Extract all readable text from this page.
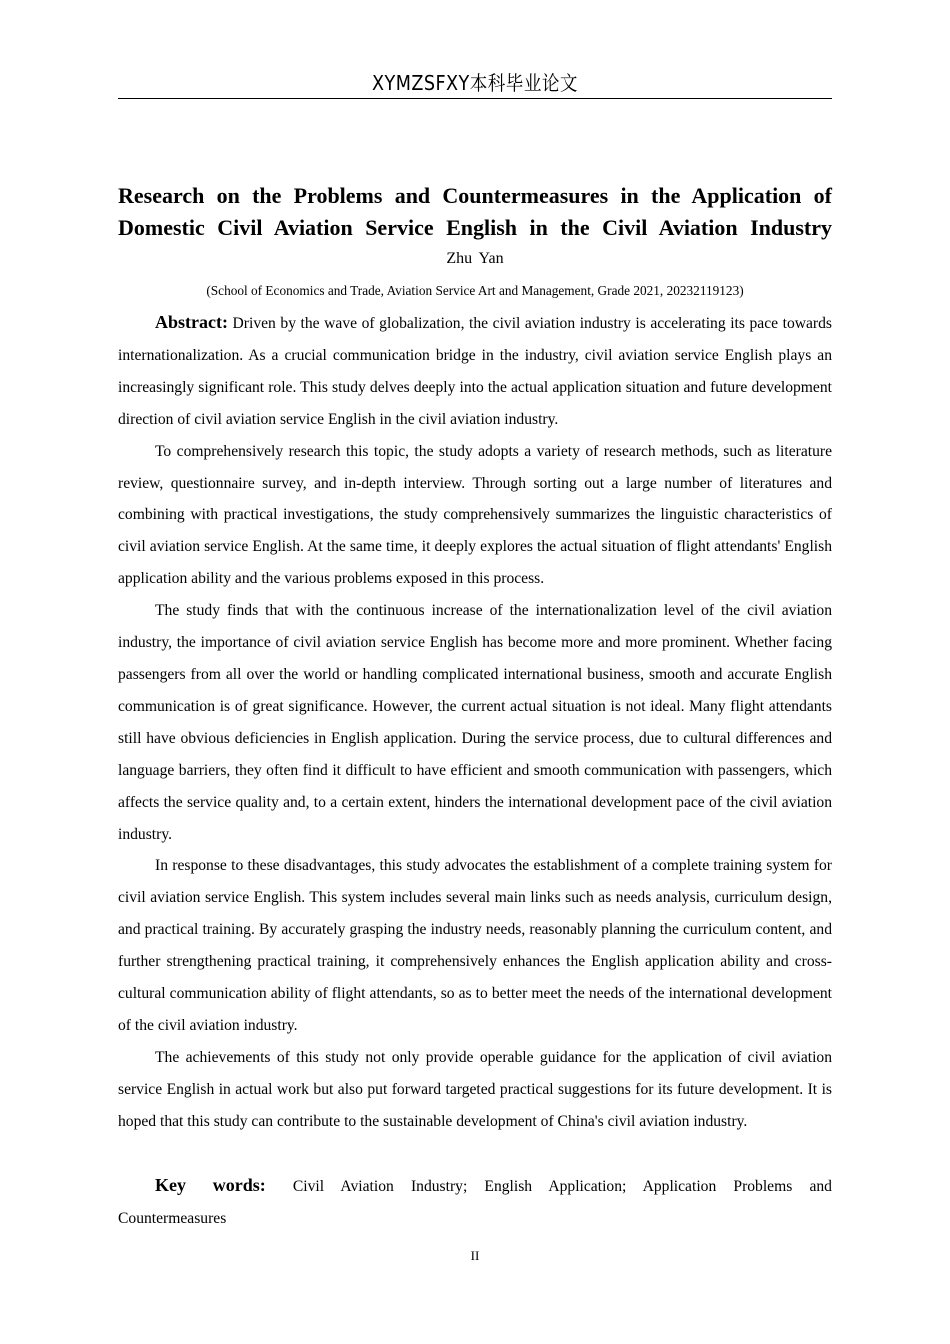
XYMZSFXY本科毕业论文
Research on the Problems and Countermeasures in the Application of
Domestic Civil Aviation Service English in the Civil Aviation Industry
Zhu Yan
(School of Economics and Trade, Aviation Service Art and Management, Grade 2021, 20232119123)

Abstract: Driven by the wave of globalization, the civil aviation industry is accelerating its pace towards internationalization. As a crucial communication bridge in the industry, civil aviation service English plays an increasingly significant role. This study delves deeply into the actual application situation and future development direction of civil aviation service English in the civil aviation industry.

To comprehensively research this topic, the study adopts a variety of research methods, such as literature review, questionnaire survey, and in-depth interview. Through sorting out a large number of literatures and combining with practical investigations, the study comprehensively summarizes the linguistic characteristics of civil aviation service English. At the same time, it deeply explores the actual situation of flight attendants' English application ability and the various problems exposed in this process.

The study finds that with the continuous increase of the internationalization level of the civil aviation industry, the importance of civil aviation service English has become more and more prominent. Whether facing passengers from all over the world or handling complicated international business, smooth and accurate English communication is of great significance. However, the current actual situation is not ideal. Many flight attendants still have obvious deficiencies in English application. During the service process, due to cultural differences and language barriers, they often find it difficult to have efficient and smooth communication with passengers, which affects the service quality and, to a certain extent, hinders the international development pace of the civil aviation industry.

In response to these disadvantages, this study advocates the establishment of a complete training system for civil aviation service English. This system includes several main links such as needs analysis, curriculum design, and practical training. By accurately grasping the industry needs, reasonably planning the curriculum content, and further strengthening practical training, it comprehensively enhances the English application ability and cross-cultural communication ability of flight attendants, so as to better meet the needs of the international development of the civil aviation industry.

The achievements of this study not only provide operable guidance for the application of civil aviation service English in actual work but also put forward targeted practical suggestions for its future development. It is hoped that this study can contribute to the sustainable development of China's civil aviation industry.

Key words: Civil Aviation Industry; English Application; Application Problems and Countermeasures
II
